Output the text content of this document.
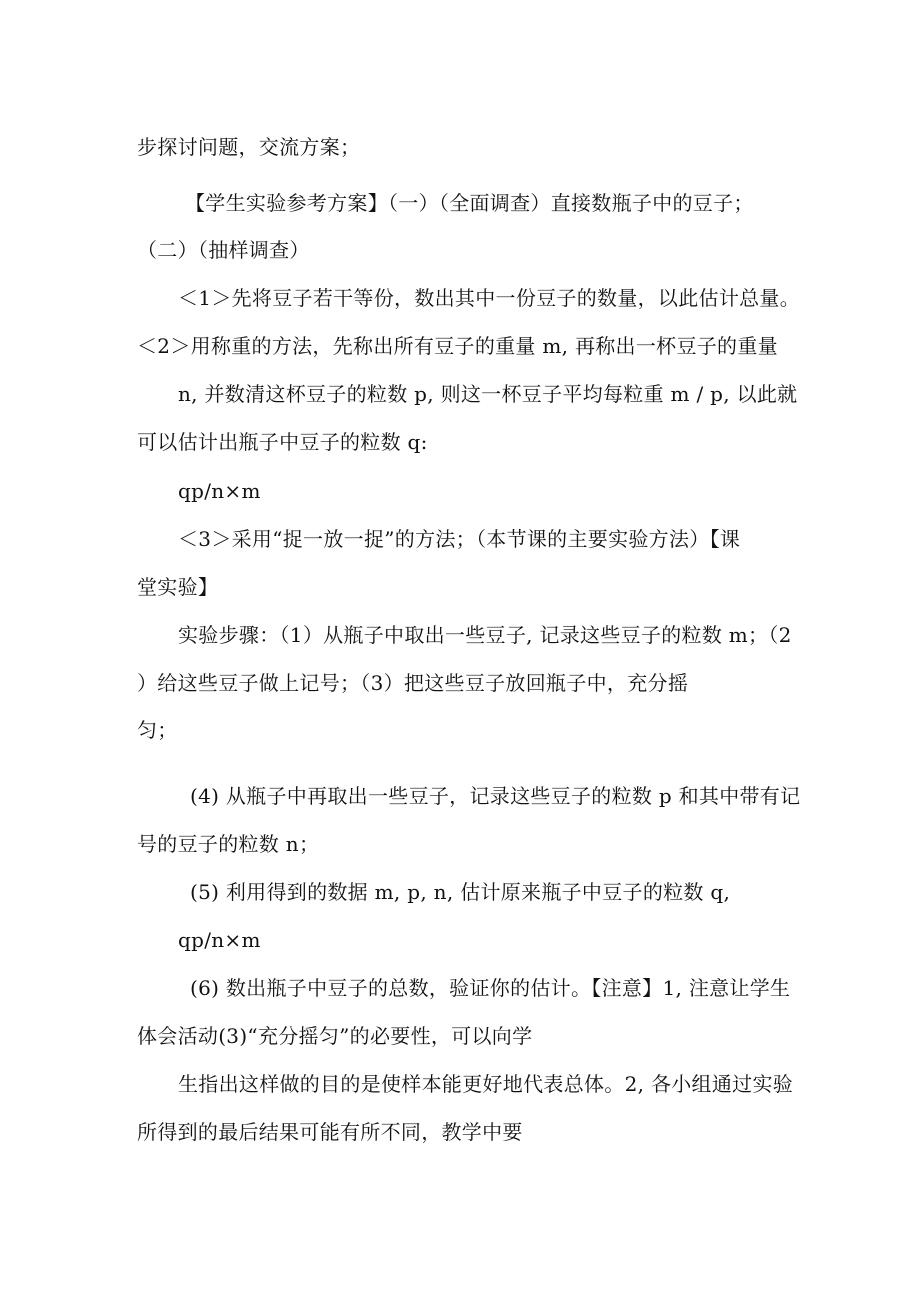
步探讨问题，交流方案；
【学生实验参考方案】（一）（全面调查）直接数瓶子中的豆子；
（二）（抽样调查）
＜1＞先将豆子若干等份，数出其中一份豆子的数量，以此估计总量。
＜2＞用称重的方法，先称出所有豆子的重量 m, 再称出一杯豆子的重量
n, 并数清这杯豆子的粒数 p, 则这一杯豆子平均每粒重 m / p, 以此就
可以估计出瓶子中豆子的粒数 q:
qp/n×m
＜3＞采用“捉一放一捉”的方法；（本节课的主要实验方法）【课
堂实验】
实验步骤：（1）从瓶子中取出一些豆子, 记录这些豆子的粒数 m；（2
）给这些豆子做上记号；（3）把这些豆子放回瓶子中，充分摇
匀；
(4) 从瓶子中再取出一些豆子，记录这些豆子的粒数 p 和其中带有记
号的豆子的粒数 n；
(5) 利用得到的数据 m, p, n, 估计原来瓶子中豆子的粒数 q,
qp/n×m
(6) 数出瓶子中豆子的总数，验证你的估计。【注意】1, 注意让学生
体会活动(3)“充分摇匀”的必要性，可以向学
生指出这样做的目的是使样本能更好地代表总体。2, 各小组通过实验
所得到的最后结果可能有所不同，教学中要
